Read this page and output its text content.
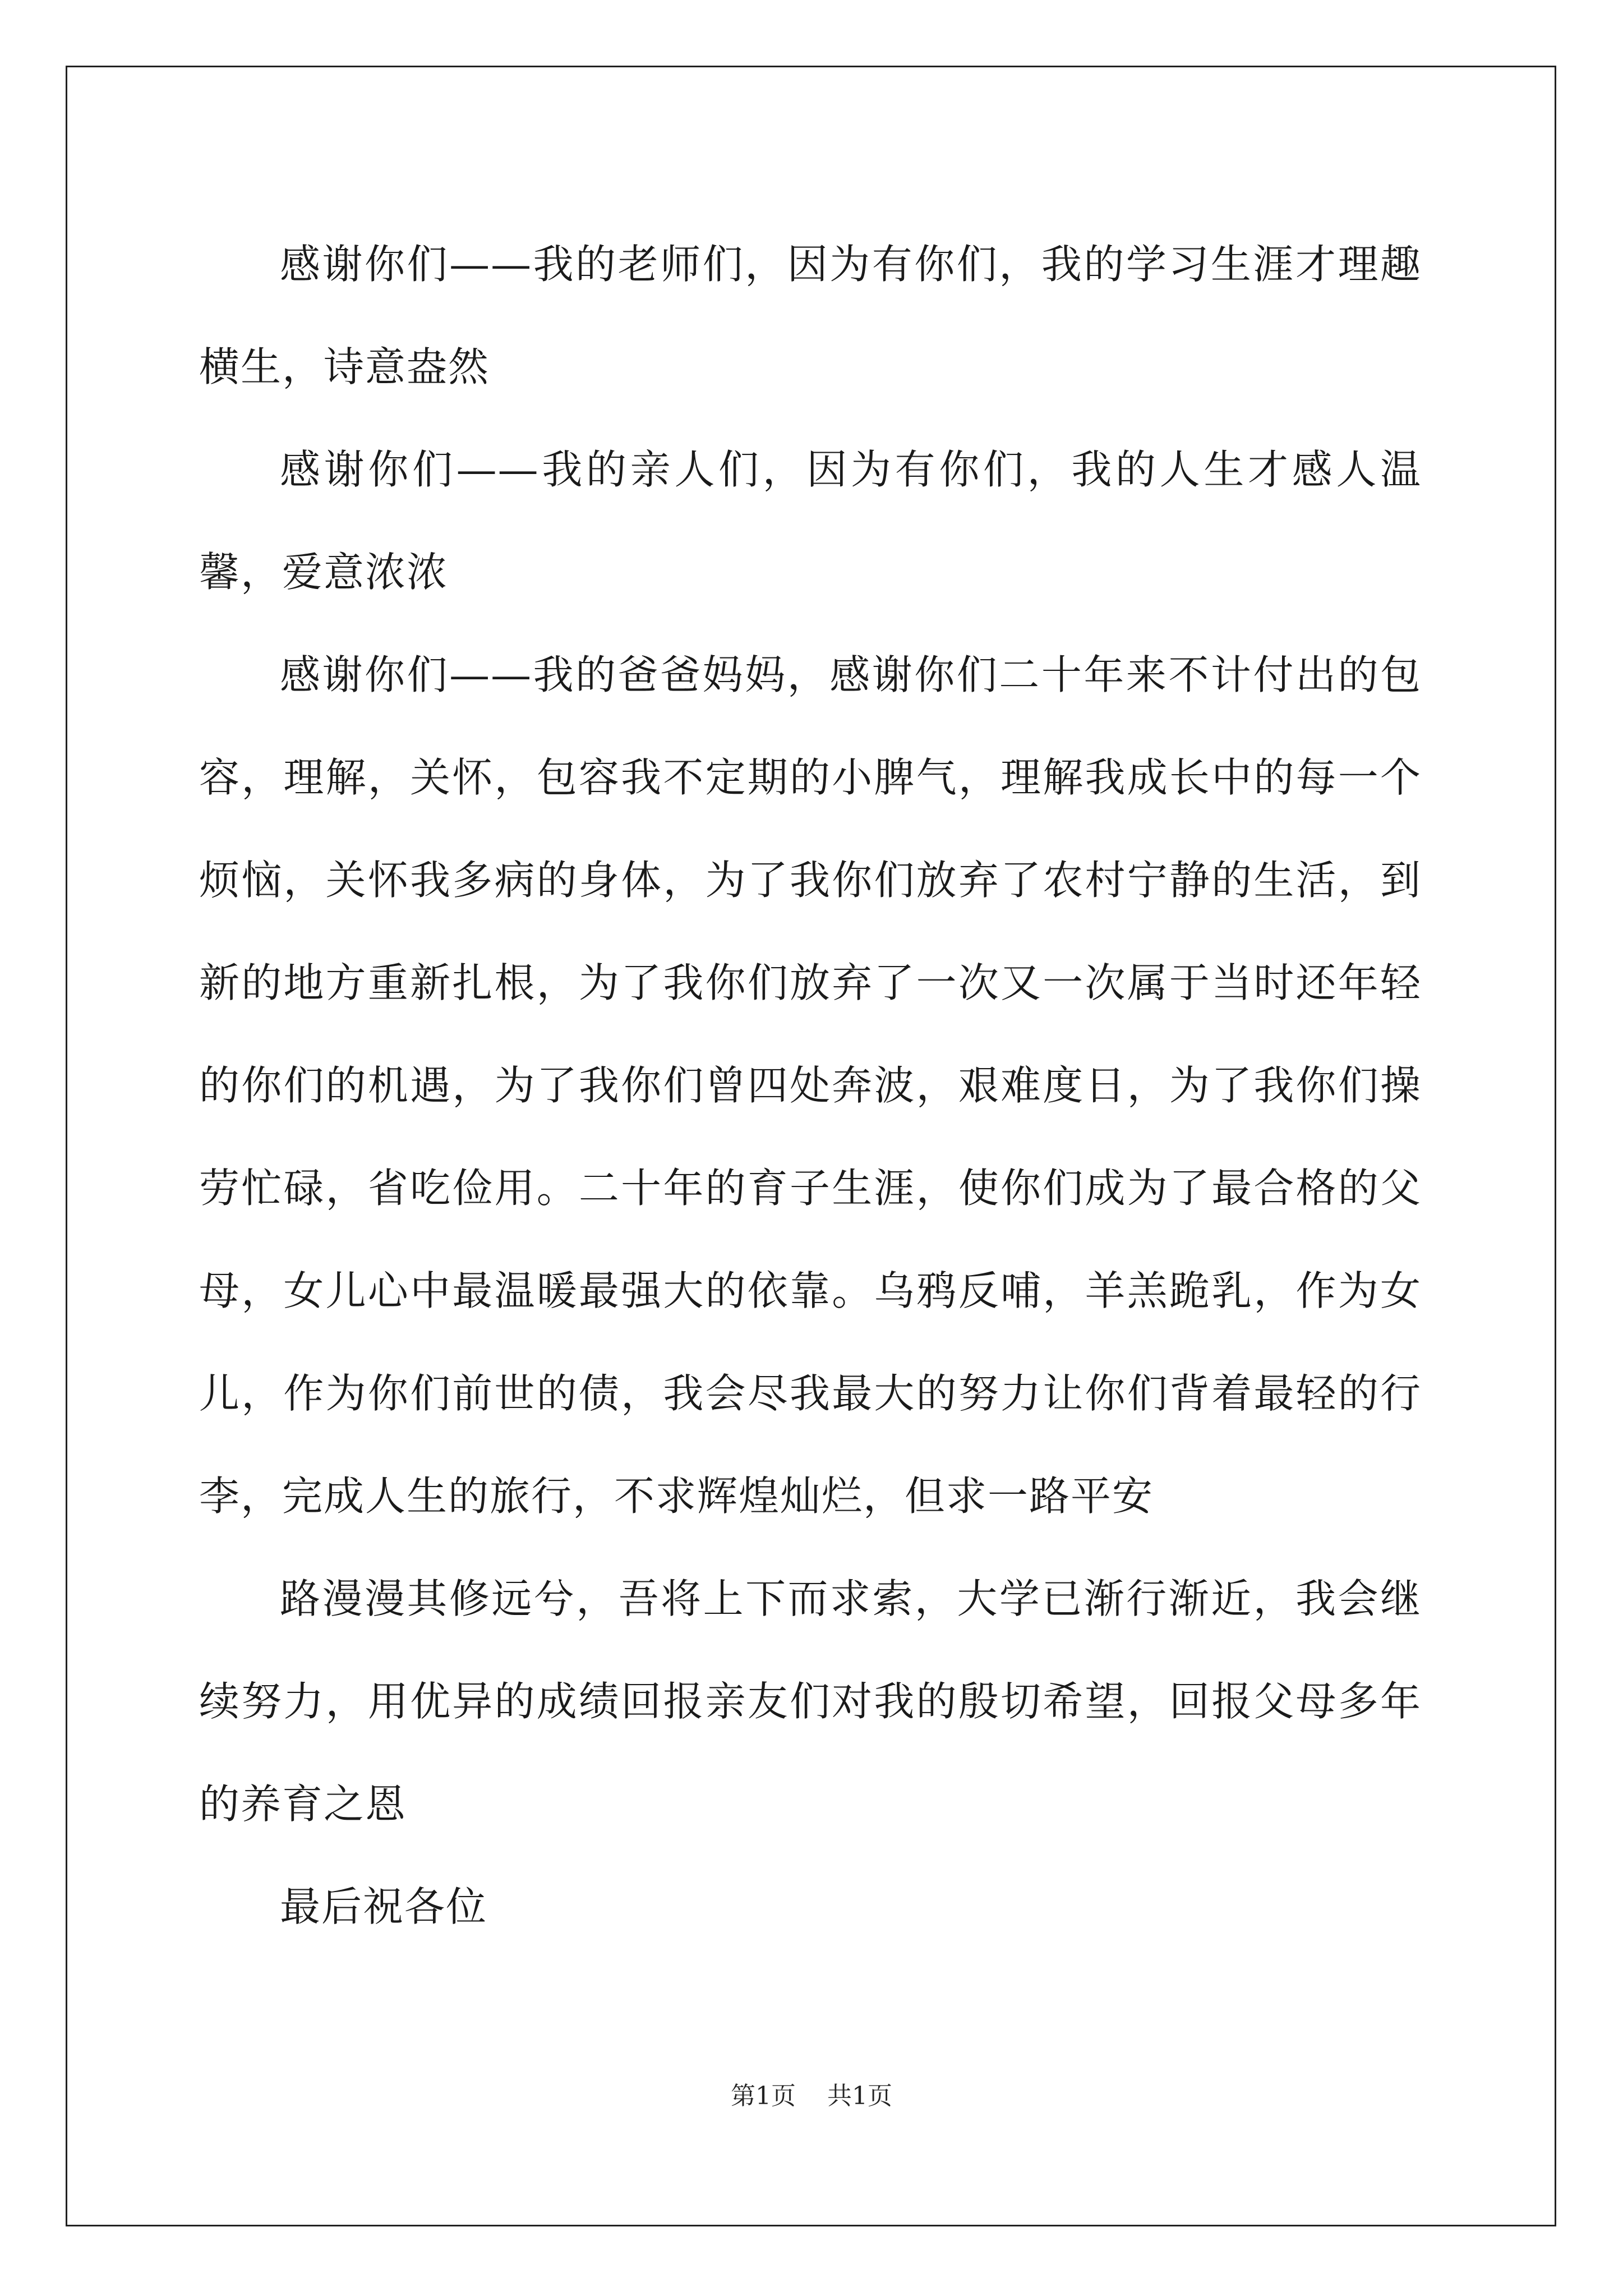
感谢你们——我的老师们，因为有你们，我的学习生涯才理趣横生，诗意盎然

感谢你们——我的亲人们，因为有你们，我的人生才感人温馨，爱意浓浓

感谢你们——我的爸爸妈妈，感谢你们二十年来不计付出的包容，理解，关怀，包容我不定期的小脾气，理解我成长中的每一个烦恼，关怀我多病的身体，为了我你们放弃了农村宁静的生活，到新的地方重新扎根，为了我你们放弃了一次又一次属于当时还年轻的你们的机遇，为了我你们曾四处奔波，艰难度日，为了我你们操劳忙碌，省吃俭用。二十年的育子生涯，使你们成为了最合格的父母，女儿心中最温暖最强大的依靠。乌鸦反哺，羊羔跪乳，作为女儿，作为你们前世的债，我会尽我最大的努力让你们背着最轻的行李，完成人生的旅行，不求辉煌灿烂，但求一路平安

路漫漫其修远兮，吾将上下而求索，大学已渐行渐近，我会继续努力，用优异的成绩回报亲友们对我的殷切希望，回报父母多年的养育之恩

最后祝各位

第1页 共1页
